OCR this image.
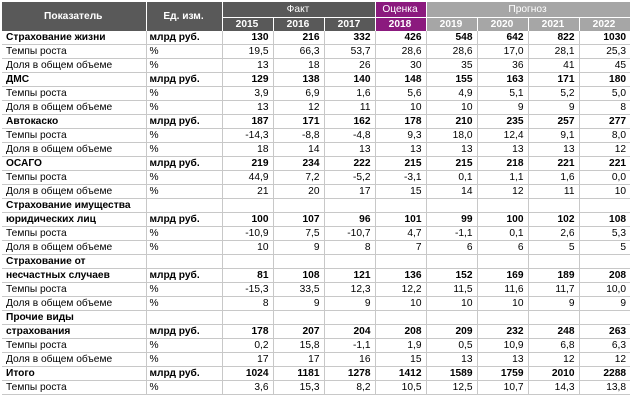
Показатель	Ед. изм.	Факт			Оценка	Прогноз			
		2015	2016	2017	2018	2019	2020	2021	2022
Страхование жизни	млрд руб.	130	216	332	426	548	642	822	1030
Темпы роста	%	19,5	66,3	53,7	28,6	28,6	17,0	28,1	25,3
Доля в общем объеме	%	13	18	26	30	35	36	41	45
ДМС	млрд руб.	129	138	140	148	155	163	171	180
Темпы роста	%	3,9	6,9	1,6	5,6	4,9	5,1	5,2	5,0
Доля в общем объеме	%	13	12	11	10	10	9	9	8
Автокаско	млрд руб.	187	171	162	178	210	235	257	277
Темпы роста	%	-14,3	-8,8	-4,8	9,3	18,0	12,4	9,1	8,0
Доля в общем объеме	%	18	14	13	13	13	13	13	12
ОСАГО	млрд руб.	219	234	222	215	215	218	221	221
Темпы роста	%	44,9	7,2	-5,2	-3,1	0,1	1,1	1,6	0,0
Доля в общем объеме	%	21	20	17	15	14	12	11	10
Страхование имущества									
юридических лиц	млрд руб.	100	107	96	101	99	100	102	108
Темпы роста	%	-10,9	7,5	-10,7	4,7	-1,1	0,1	2,6	5,3
Доля в общем объеме	%	10	9	8	7	6	6	5	5
Страхование от									
несчастных случаев	млрд руб.	81	108	121	136	152	169	189	208
Темпы роста	%	-15,3	33,5	12,3	12,2	11,5	11,6	11,7	10,0
Доля в общем объеме	%	8	9	9	10	10	10	9	9
Прочие виды									
страхования	млрд руб.	178	207	204	208	209	232	248	263
Темпы роста	%	0,2	15,8	-1,1	1,9	0,5	10,9	6,8	6,3
Доля в общем объеме	%	17	17	16	15	13	13	12	12
Итого	млрд руб.	1024	1181	1278	1412	1589	1759	2010	2288
Темпы роста	%	3,6	15,3	8,2	10,5	12,5	10,7	14,3	13,8
